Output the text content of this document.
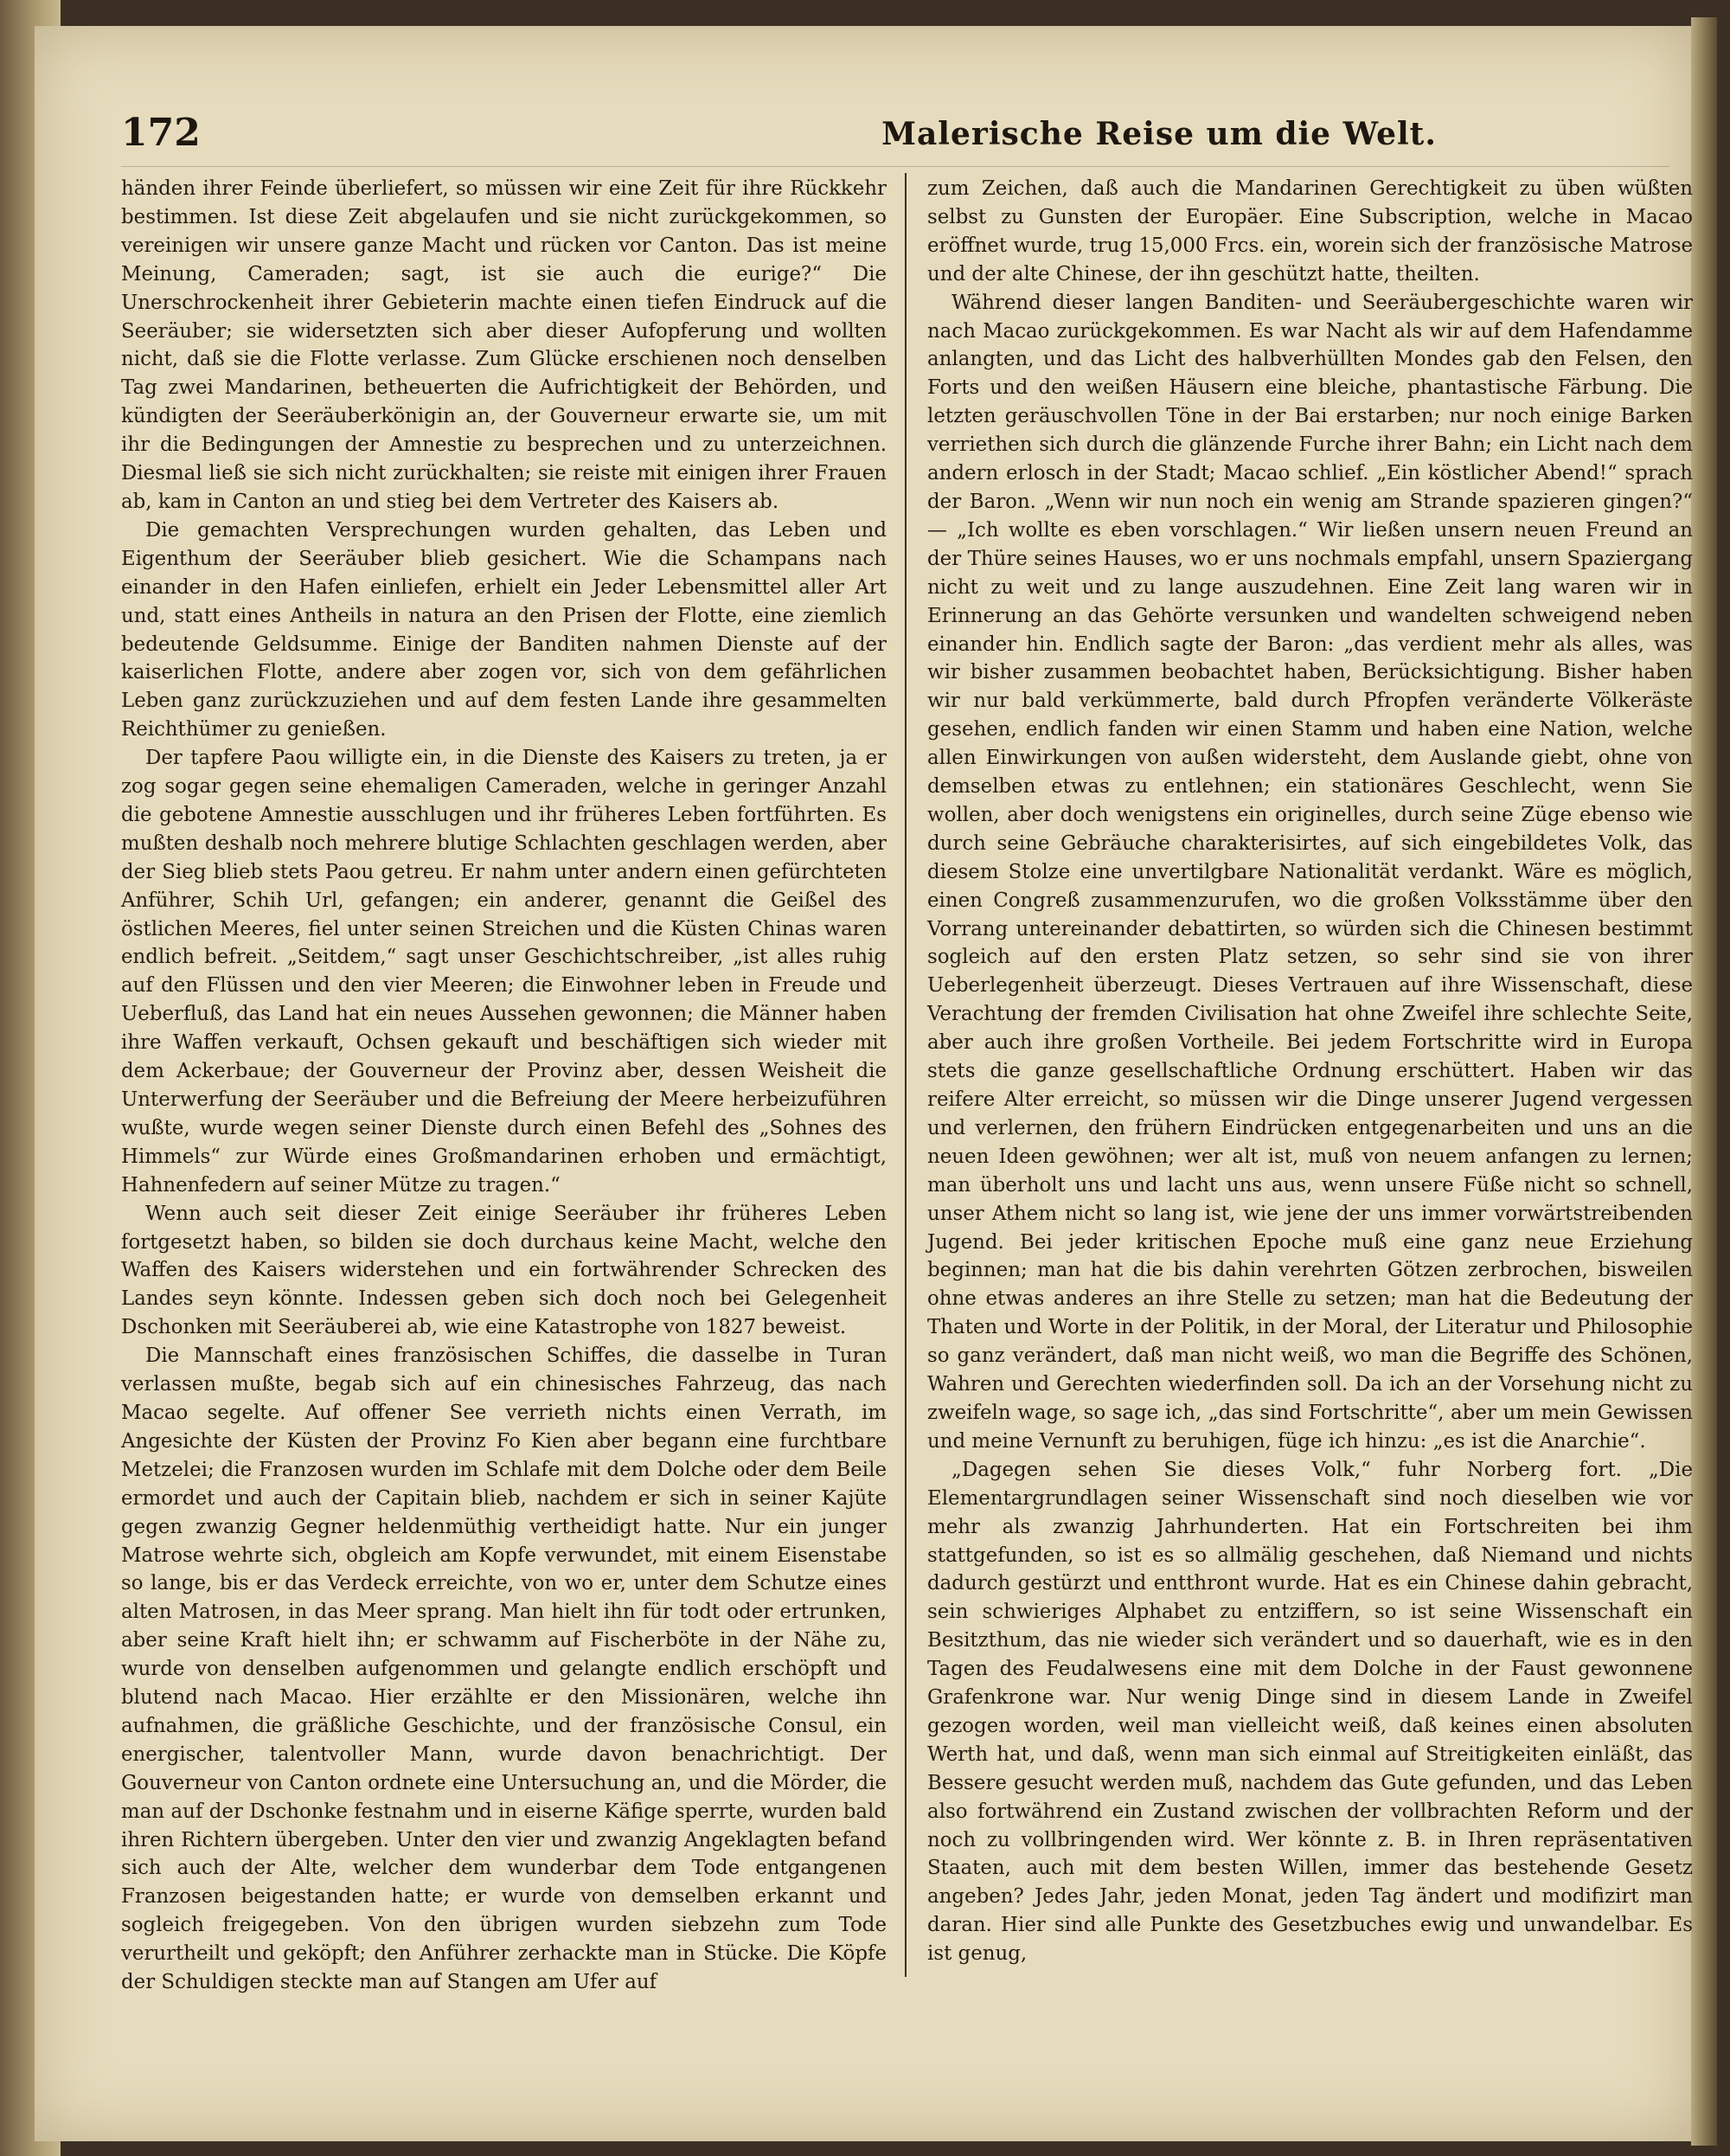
172	Malerische Reise um die Welt.

händen ihrer Feinde überliefert, so müssen wir eine Zeit für ihre Rückkehr bestimmen. Ist diese Zeit abgelaufen und sie nicht zurückgekommen, so vereinigen wir unsere ganze Macht und rücken vor Canton. Das ist meine Meinung, Cameraden; sagt, ist sie auch die eurige?“ Die Unerschrockenheit ihrer Gebieterin machte einen tiefen Eindruck auf die Seeräuber; sie widersetzten sich aber dieser Aufopferung und wollten nicht, daß sie die Flotte verlasse. Zum Glücke erschienen noch denselben Tag zwei Mandarinen, betheuerten die Aufrichtigkeit der Behörden, und kündigten der Seeräuberkönigin an, der Gouverneur erwarte sie, um mit ihr die Bedingungen der Amnestie zu besprechen und zu unterzeichnen. Diesmal ließ sie sich nicht zurückhalten; sie reiste mit einigen ihrer Frauen ab, kam in Canton an und stieg bei dem Vertreter des Kaisers ab.

Die gemachten Versprechungen wurden gehalten, das Leben und Eigenthum der Seeräuber blieb gesichert. Wie die Schampans nach einander in den Hafen einliefen, erhielt ein Jeder Lebensmittel aller Art und, statt eines Antheils in natura an den Prisen der Flotte, eine ziemlich bedeutende Geldsumme. Einige der Banditen nahmen Dienste auf der kaiserlichen Flotte, andere aber zogen vor, sich von dem gefährlichen Leben ganz zurückzuziehen und auf dem festen Lande ihre gesammelten Reichthümer zu genießen.

Der tapfere Paou willigte ein, in die Dienste des Kaisers zu treten, ja er zog sogar gegen seine ehemaligen Cameraden, welche in geringer Anzahl die gebotene Amnestie ausschlugen und ihr früheres Leben fortführten. Es mußten deshalb noch mehrere blutige Schlachten geschlagen werden, aber der Sieg blieb stets Paou getreu. Er nahm unter andern einen gefürchteten Anführer, Schih Url, gefangen; ein anderer, genannt die Geißel des östlichen Meeres, fiel unter seinen Streichen und die Küsten Chinas waren endlich befreit. „Seitdem,“ sagt unser Geschichtschreiber, „ist alles ruhig auf den Flüssen und den vier Meeren; die Einwohner leben in Freude und Ueberfluß, das Land hat ein neues Aussehen gewonnen; die Männer haben ihre Waffen verkauft, Ochsen gekauft und beschäftigen sich wieder mit dem Ackerbaue; der Gouverneur der Provinz aber, dessen Weisheit die Unterwerfung der Seeräuber und die Befreiung der Meere herbeizuführen wußte, wurde wegen seiner Dienste durch einen Befehl des „Sohnes des Himmels“ zur Würde eines Großmandarinen erhoben und ermächtigt, Hahnenfedern auf seiner Mütze zu tragen.“

Wenn auch seit dieser Zeit einige Seeräuber ihr früheres Leben fortgesetzt haben, so bilden sie doch durchaus keine Macht, welche den Waffen des Kaisers widerstehen und ein fortwährender Schrecken des Landes seyn könnte. Indessen geben sich doch noch bei Gelegenheit Dschonken mit Seeräuberei ab, wie eine Katastrophe von 1827 beweist.

Die Mannschaft eines französischen Schiffes, die dasselbe in Turan verlassen mußte, begab sich auf ein chinesisches Fahrzeug, das nach Macao segelte. Auf offener See verrieth nichts einen Verrath, im Angesichte der Küsten der Provinz Fo Kien aber begann eine furchtbare Metzelei; die Franzosen wurden im Schlafe mit dem Dolche oder dem Beile ermordet und auch der Capitain blieb, nachdem er sich in seiner Kajüte gegen zwanzig Gegner heldenmüthig vertheidigt hatte. Nur ein junger Matrose wehrte sich, obgleich am Kopfe verwundet, mit einem Eisenstabe so lange, bis er das Verdeck erreichte, von wo er, unter dem Schutze eines alten Matrosen, in das Meer sprang. Man hielt ihn für todt oder ertrunken, aber seine Kraft hielt ihn; er schwamm auf Fischerböte in der Nähe zu, wurde von denselben aufgenommen und gelangte endlich erschöpft und blutend nach Macao. Hier erzählte er den Missionären, welche ihn aufnahmen, die gräßliche Geschichte, und der französische Consul, ein energischer, talentvoller Mann, wurde davon benachrichtigt. Der Gouverneur von Canton ordnete eine Untersuchung an, und die Mörder, die man auf der Dschonke festnahm und in eiserne Käfige sperrte, wurden bald ihren Richtern übergeben. Unter den vier und zwanzig Angeklagten befand sich auch der Alte, welcher dem wunderbar dem Tode entgangenen Franzosen beigestanden hatte; er wurde von demselben erkannt und sogleich freigegeben. Von den übrigen wurden siebzehn zum Tode verurtheilt und geköpft; den Anführer zerhackte man in Stücke. Die Köpfe der Schuldigen steckte man auf Stangen am Ufer auf

zum Zeichen, daß auch die Mandarinen Gerechtigkeit zu üben wüßten selbst zu Gunsten der Europäer. Eine Subscription, welche in Macao eröffnet wurde, trug 15,000 Frcs. ein, worein sich der französische Matrose und der alte Chinese, der ihn geschützt hatte, theilten.

Während dieser langen Banditen- und Seeräubergeschichte waren wir nach Macao zurückgekommen. Es war Nacht als wir auf dem Hafendamme anlangten, und das Licht des halbverhüllten Mondes gab den Felsen, den Forts und den weißen Häusern eine bleiche, phantastische Färbung. Die letzten geräuschvollen Töne in der Bai erstarben; nur noch einige Barken verriethen sich durch die glänzende Furche ihrer Bahn; ein Licht nach dem andern erlosch in der Stadt; Macao schlief. „Ein köstlicher Abend!“ sprach der Baron. „Wenn wir nun noch ein wenig am Strande spazieren gingen?“ — „Ich wollte es eben vorschlagen.“ Wir ließen unsern neuen Freund an der Thüre seines Hauses, wo er uns nochmals empfahl, unsern Spaziergang nicht zu weit und zu lange auszudehnen. Eine Zeit lang waren wir in Erinnerung an das Gehörte versunken und wandelten schweigend neben einander hin. Endlich sagte der Baron: „das verdient mehr als alles, was wir bisher zusammen beobachtet haben, Berücksichtigung. Bisher haben wir nur bald verkümmerte, bald durch Pfropfen veränderte Völkeräste gesehen, endlich fanden wir einen Stamm und haben eine Nation, welche allen Einwirkungen von außen widersteht, dem Auslande giebt, ohne von demselben etwas zu entlehnen; ein stationäres Geschlecht, wenn Sie wollen, aber doch wenigstens ein originelles, durch seine Züge ebenso wie durch seine Gebräuche charakterisirtes, auf sich eingebildetes Volk, das diesem Stolze eine unvertilgbare Nationalität verdankt. Wäre es möglich, einen Congreß zusammenzurufen, wo die großen Volksstämme über den Vorrang untereinander debattirten, so würden sich die Chinesen bestimmt sogleich auf den ersten Platz setzen, so sehr sind sie von ihrer Ueberlegenheit überzeugt. Dieses Vertrauen auf ihre Wissenschaft, diese Verachtung der fremden Civilisation hat ohne Zweifel ihre schlechte Seite, aber auch ihre großen Vortheile. Bei jedem Fortschritte wird in Europa stets die ganze gesellschaftliche Ordnung erschüttert. Haben wir das reifere Alter erreicht, so müssen wir die Dinge unserer Jugend vergessen und verlernen, den frühern Eindrücken entgegenarbeiten und uns an die neuen Ideen gewöhnen; wer alt ist, muß von neuem anfangen zu lernen; man überholt uns und lacht uns aus, wenn unsere Füße nicht so schnell, unser Athem nicht so lang ist, wie jene der uns immer vorwärtstreibenden Jugend. Bei jeder kritischen Epoche muß eine ganz neue Erziehung beginnen; man hat die bis dahin verehrten Götzen zerbrochen, bisweilen ohne etwas anderes an ihre Stelle zu setzen; man hat die Bedeutung der Thaten und Worte in der Politik, in der Moral, der Literatur und Philosophie so ganz verändert, daß man nicht weiß, wo man die Begriffe des Schönen, Wahren und Gerechten wiederfinden soll. Da ich an der Vorsehung nicht zu zweifeln wage, so sage ich, „das sind Fortschritte“, aber um mein Gewissen und meine Vernunft zu beruhigen, füge ich hinzu: „es ist die Anarchie“.

„Dagegen sehen Sie dieses Volk,“ fuhr Norberg fort. „Die Elementargrundlagen seiner Wissenschaft sind noch dieselben wie vor mehr als zwanzig Jahrhunderten. Hat ein Fortschreiten bei ihm stattgefunden, so ist es so allmälig geschehen, daß Niemand und nichts dadurch gestürzt und entthront wurde. Hat es ein Chinese dahin gebracht, sein schwieriges Alphabet zu entziffern, so ist seine Wissenschaft ein Besitzthum, das nie wieder sich verändert und so dauerhaft, wie es in den Tagen des Feudalwesens eine mit dem Dolche in der Faust gewonnene Grafenkrone war. Nur wenig Dinge sind in diesem Lande in Zweifel gezogen worden, weil man vielleicht weiß, daß keines einen absoluten Werth hat, und daß, wenn man sich einmal auf Streitigkeiten einläßt, das Bessere gesucht werden muß, nachdem das Gute gefunden, und das Leben also fortwährend ein Zustand zwischen der vollbrachten Reform und der noch zu vollbringenden wird. Wer könnte z. B. in Ihren repräsentativen Staaten, auch mit dem besten Willen, immer das bestehende Gesetz angeben? Jedes Jahr, jeden Monat, jeden Tag ändert und modifizirt man daran. Hier sind alle Punkte des Gesetzbuches ewig und unwandelbar. Es ist genug,
